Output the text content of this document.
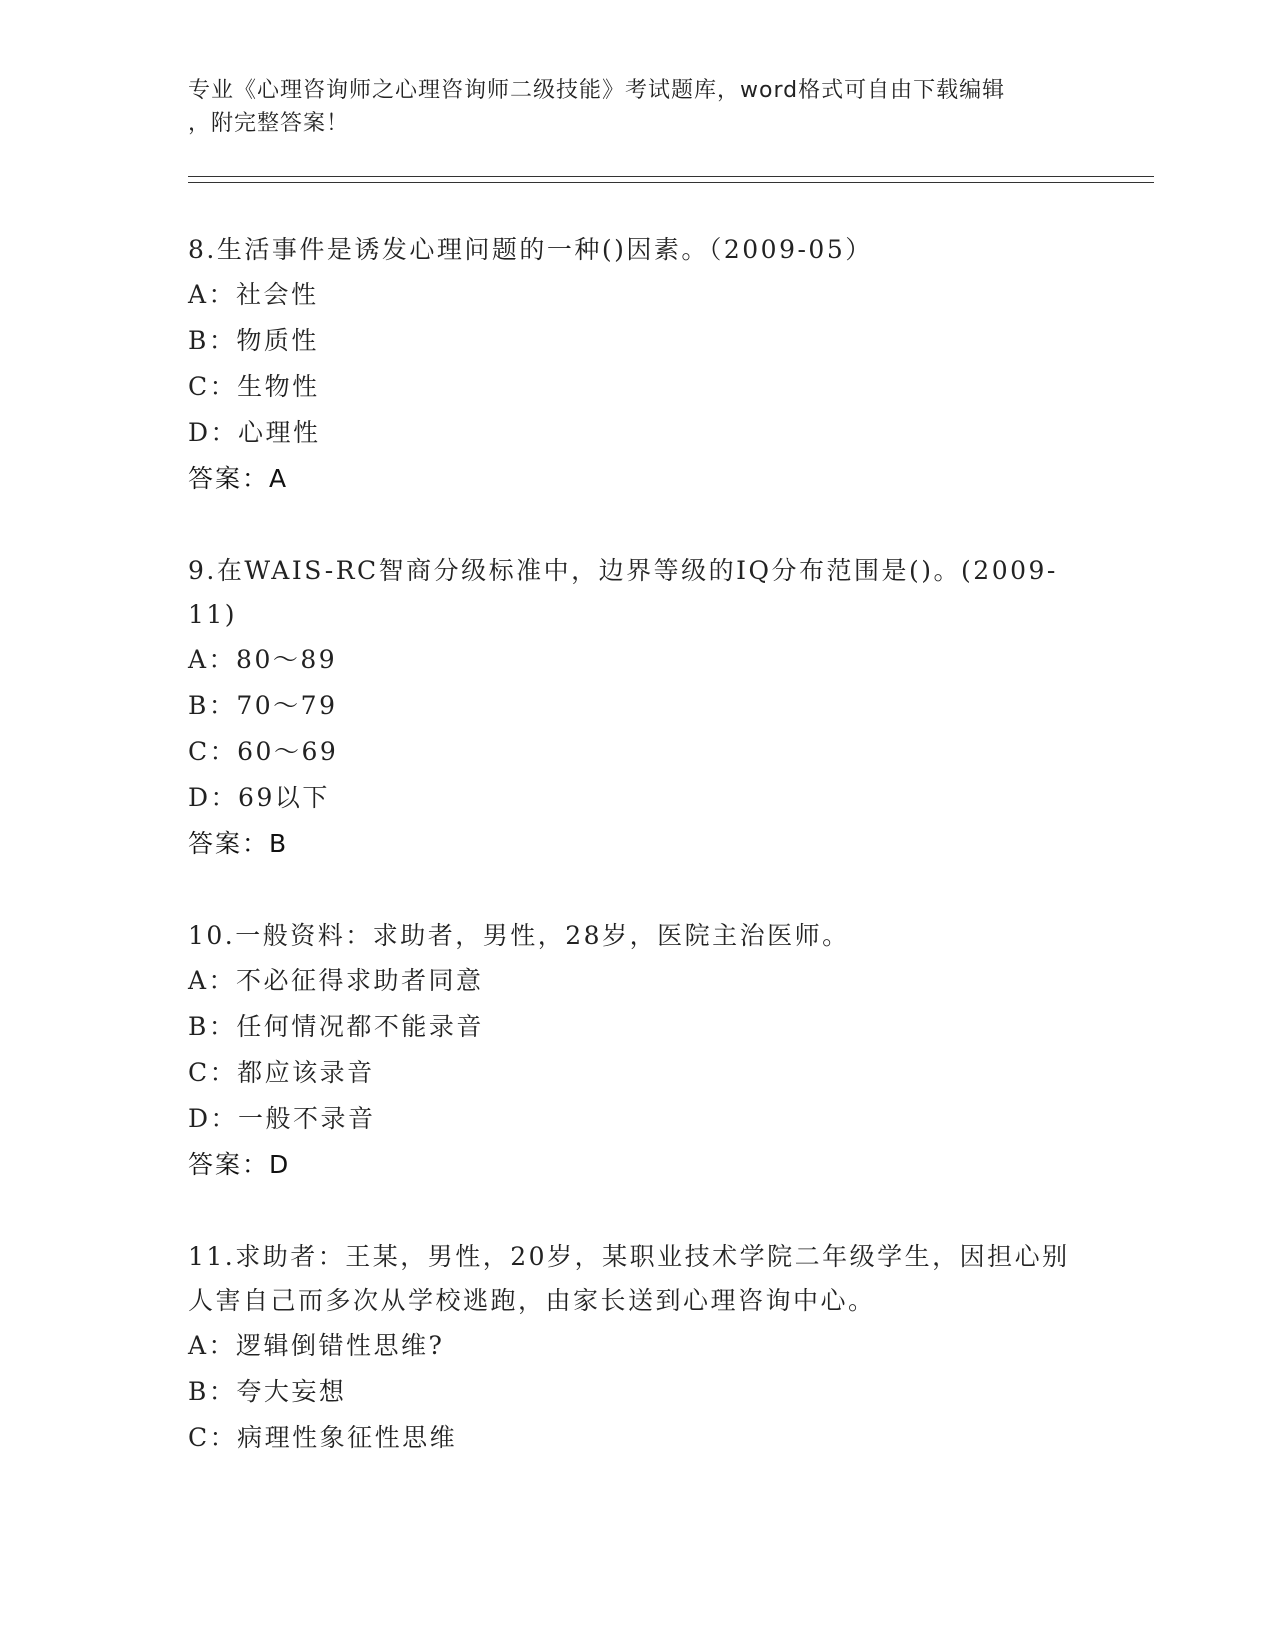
专业《心理咨询师之心理咨询师二级技能》考试题库，word格式可自由下载编辑
，附完整答案！

8.生活事件是诱发心理问题的一种()因素。（2009-05）

A：社会性

B：物质性

C：生物性

D：心理性

答案：A

9.在WAIS-RC智商分级标准中，边界等级的IQ分布范围是()。(2009-11)

A：80～89

B：70～79

C：60～69

D：69以下

答案：B

10.一般资料：求助者，男性，28岁，医院主治医师。

A：不必征得求助者同意

B：任何情况都不能录音

C：都应该录音

D：一般不录音

答案：D

11.求助者：王某，男性，20岁，某职业技术学院二年级学生，因担心别人害自己而多次从学校逃跑，由家长送到心理咨询中心。

A：逻辑倒错性思维?

B：夸大妄想

C：病理性象征性思维
